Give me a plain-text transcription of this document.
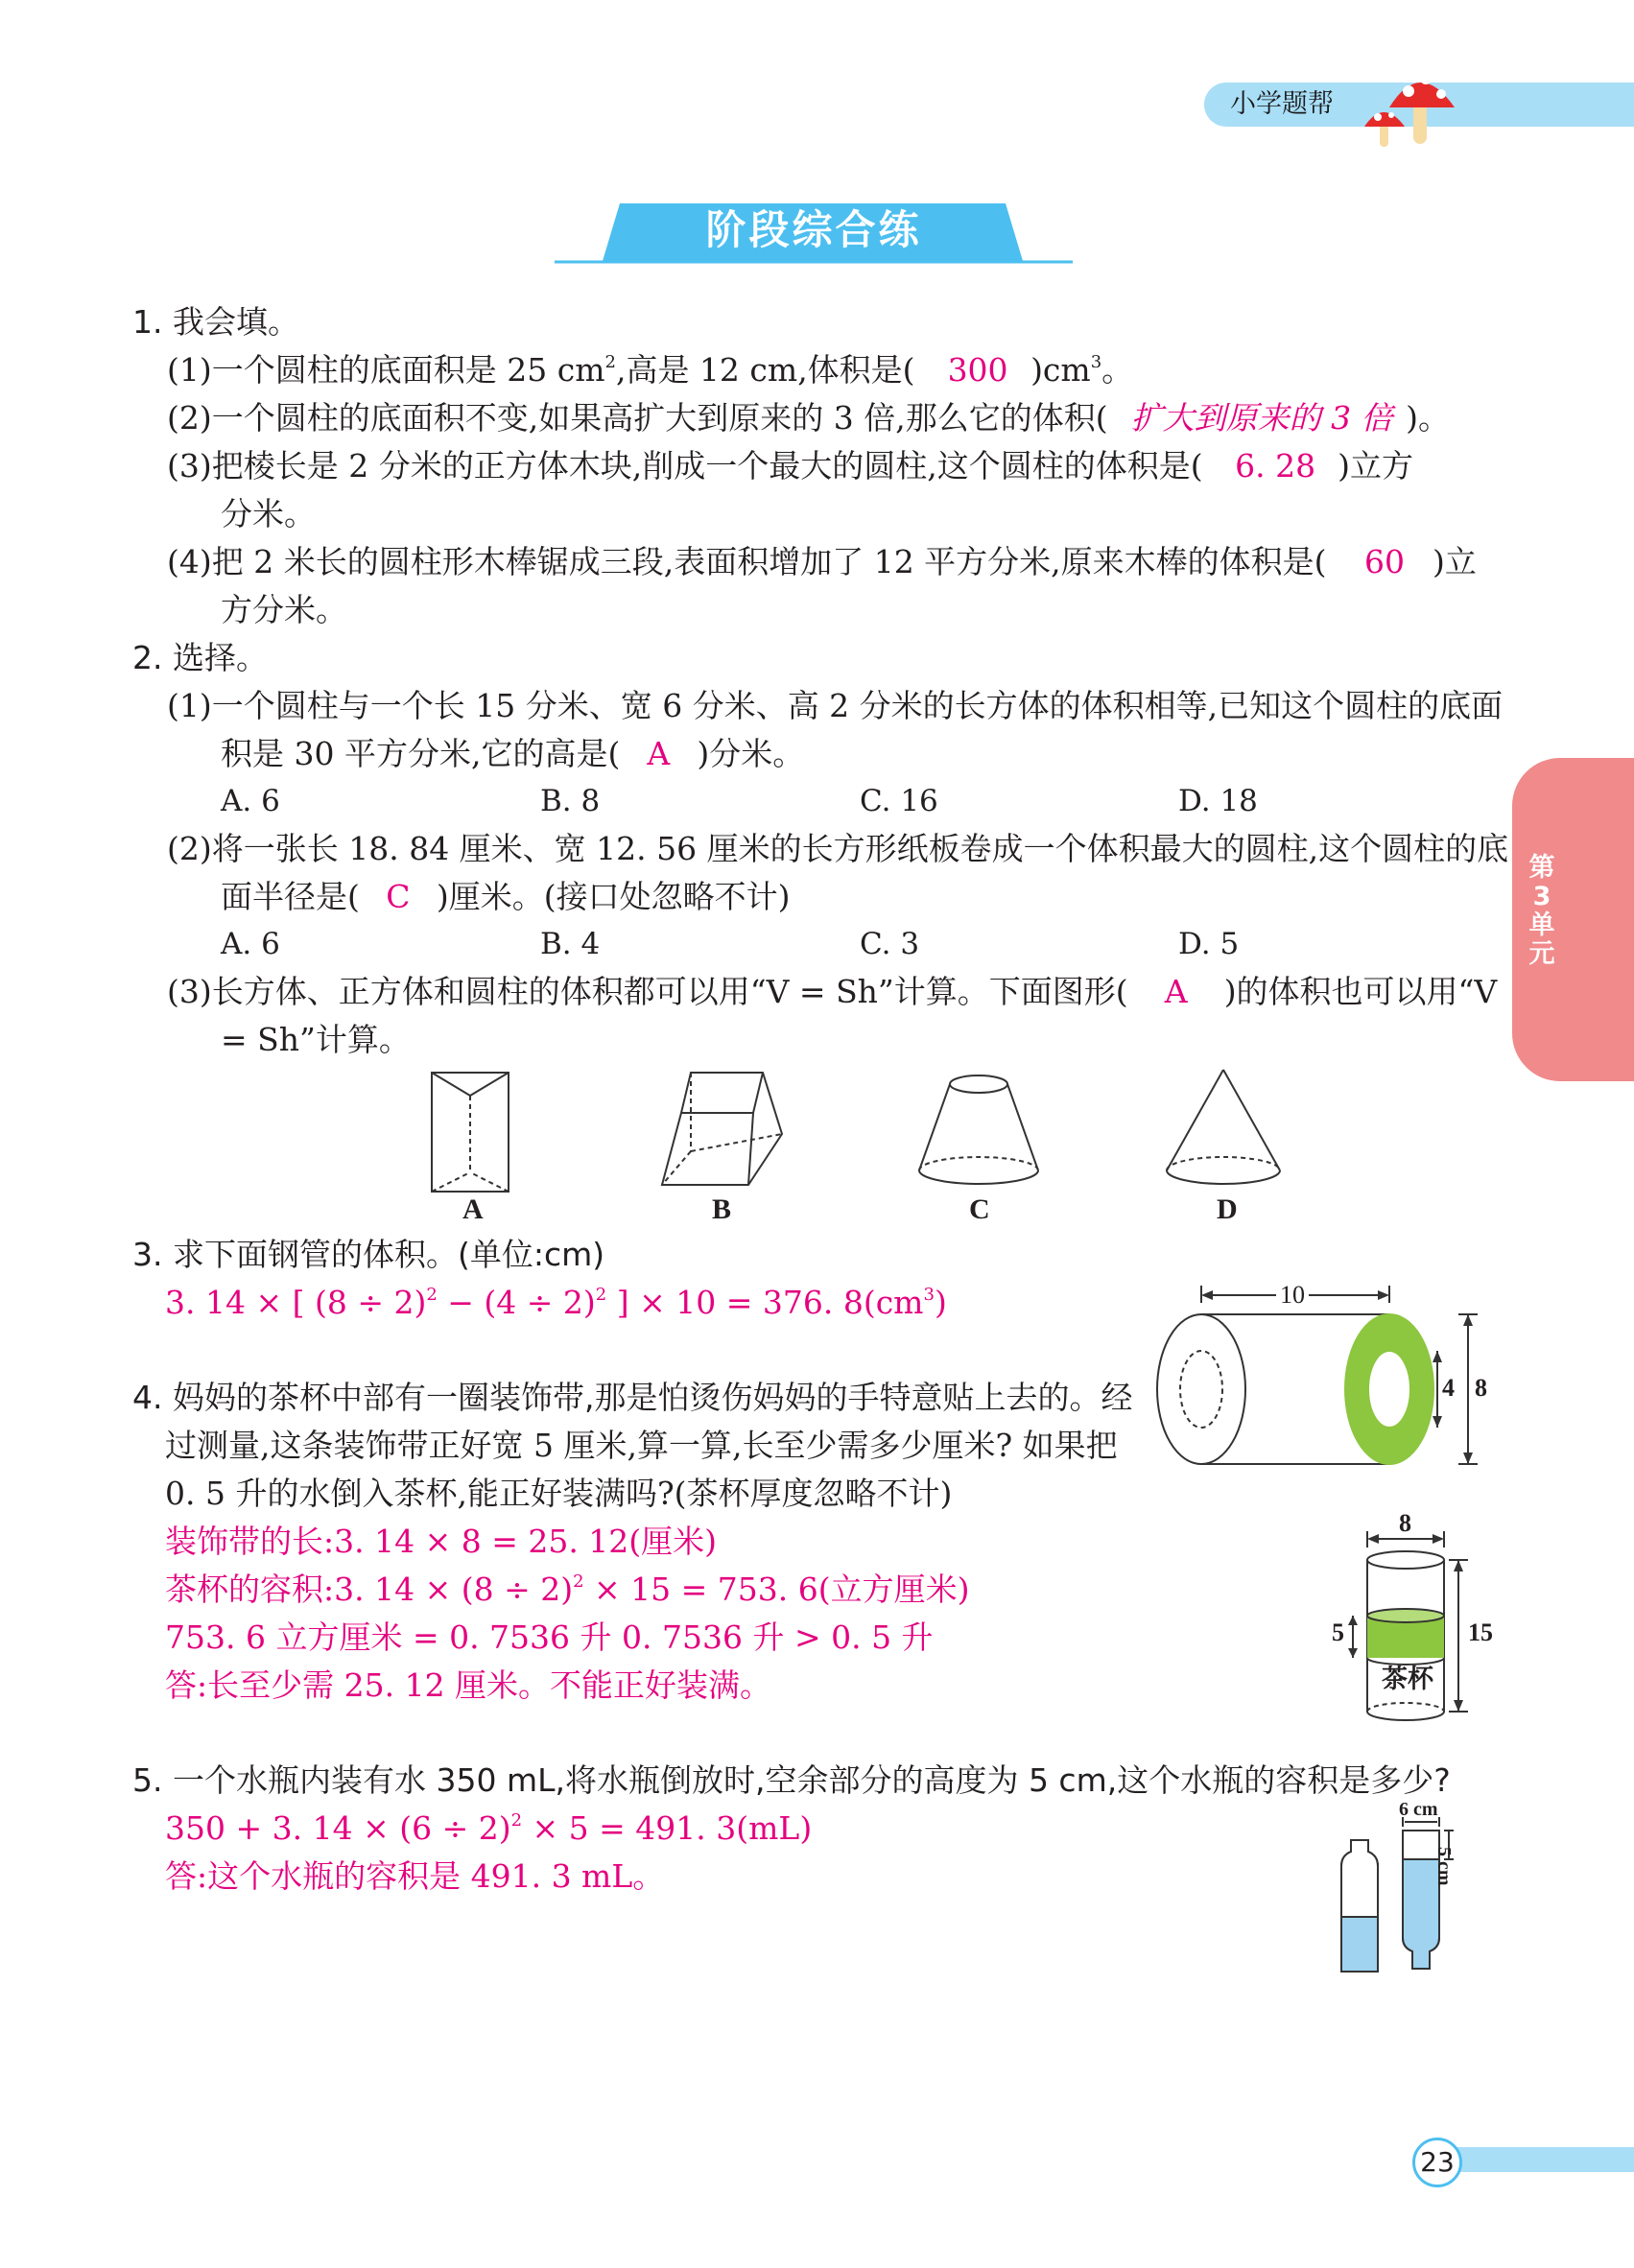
小学题帮
阶段综合练
第
3
单
元
1. 我会填。
(1)一个圆柱的底面积是 25 $cm^2$,高是 12 cm,体积是( 300 )$cm^3$。
(2)一个圆柱的底面积不变,如果高扩大到原来的 3 倍,那么它的体积( 扩大到原来的 3 倍 )。
(3)把棱长是 2 分米的正方体木块,削成一个最大的圆柱,这个圆柱的体积是( 6. 28 )立方
分米。
(4)把 2 米长的圆柱形木棒锯成三段,表面积增加了 12 平方分米,原来木棒的体积是( 60 )立
方分米。
2. 选择。
(1)一个圆柱与一个长 15 分米、宽 6 分米、高 2 分米的长方体的体积相等,已知这个圆柱的底面
积是 30 平方分米,它的高是( A )分米。
A. 6	B. 8	C. 16	D. 18
(2)将一张长 18. 84 厘米、宽 12. 56 厘米的长方形纸板卷成一个体积最大的圆柱,这个圆柱的底
面半径是( C )厘米。(接口处忽略不计)
A. 6	B. 4	C. 3	D. 5
(3)长方体、正方体和圆柱的体积都可以用“V = Sh”计算。下面图形( A )的体积也可以用“V
= Sh”计算。
A	B	C	D
3. 求下面钢管的体积。(单位:cm)
3. 14 × [ $(8 \div 2)^2 - (4 \div 2)^2$ ] × 10 = 376. $8(cm^3)$	10
4 8
4. 妈妈的茶杯中部有一圈装饰带,那是怕烫伤妈妈的手特意贴上去的。经
过测量,这条装饰带正好宽 5 厘米,算一算,长至少需多少厘米? 如果把
0. 5 升的水倒入茶杯,能正好装满吗?(茶杯厚度忽略不计)
装饰带的长:3. 14 × 8 = 25. 12(厘米)
茶杯的容积:3. $14 \times (8 \div 2)^2 \times 15 = 753$. 6(立方厘米)
753. 6 立方厘米 = 0. 7536 升 0. 7536 升 > 0. 5 升
答:长至少需 25. 12 厘米。不能正好装满。
8
5	15
茶杯
5. 一个水瓶内装有水 350 mL,将水瓶倒放时,空余部分的高度为 5 cm,这个水瓶的容积是多少?
350 + 3. $14 \times (6 \div 2)^2 \times 5 = 491$. 3(mL)
答:这个水瓶的容积是 491. 3 mL。
6 cm
5 cm
23
